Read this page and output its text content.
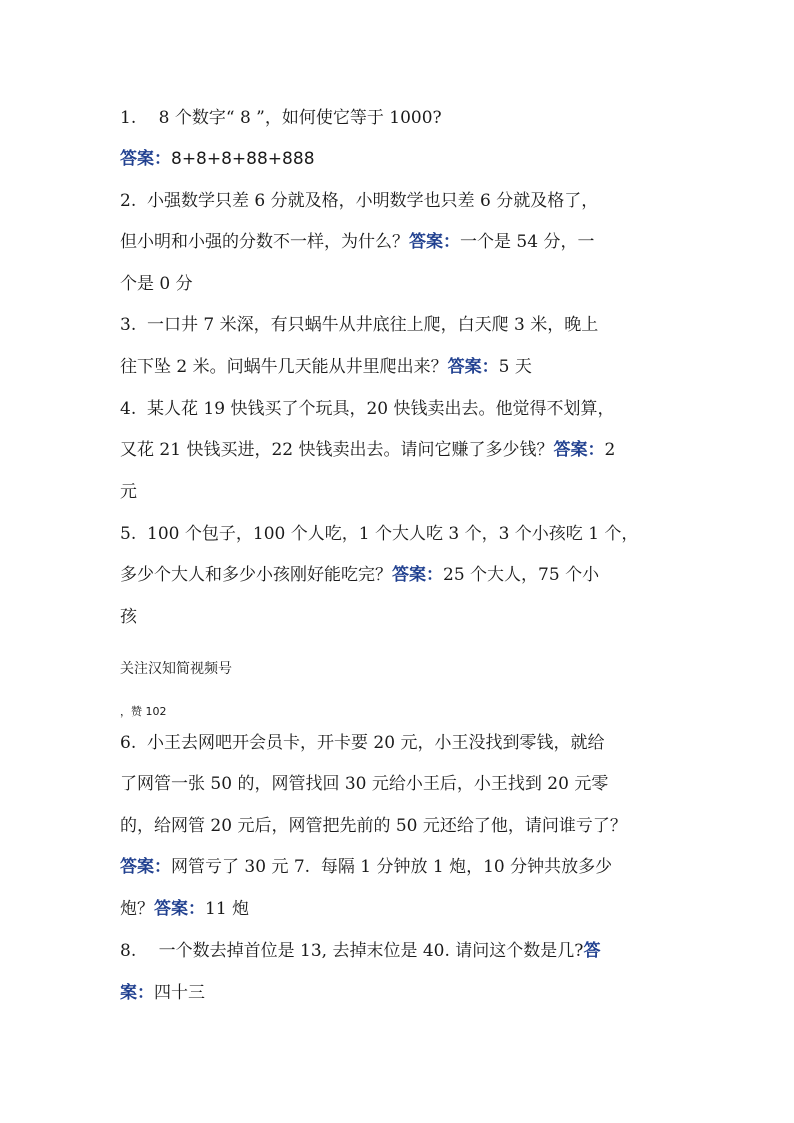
1.　 8 个数字“ 8 ”，如何使它等于 1000?
答案：8+8+8+88+888
2.  小强数学只差 6 分就及格，小明数学也只差 6 分就及格了，
但小明和小强的分数不一样，为什么？答案：一个是 54 分，一
个是 0 分
3.  一口井 7 米深，有只蜗牛从井底往上爬，白天爬 3 米，晚上
往下坠 2 米。问蜗牛几天能从井里爬出来？答案：5 天
4.  某人花 19 快钱买了个玩具，20 快钱卖出去。他觉得不划算，
又花 21 快钱买进，22 快钱卖出去。请问它赚了多少钱？答案：2
元
5.  100 个包子，100 个人吃，1 个大人吃 3 个，3 个小孩吃 1 个，
多少个大人和多少小孩刚好能吃完？答案：25 个大人，75 个小
孩
关注汉知简视频号
，赞 102
6.  小王去网吧开会员卡，开卡要 20 元，小王没找到零钱，就给
了网管一张 50 的，网管找回 30 元给小王后，小王找到 20 元零
的，给网管 20 元后，网管把先前的 50 元还给了他，请问谁亏了？
答案：网管亏了 30 元 7.  每隔 1 分钟放 1 炮，10 分钟共放多少
炮？答案：11 炮
8.　 一个数去掉首位是 13, 去掉末位是 40. 请问这个数是几?答
案：四十三
